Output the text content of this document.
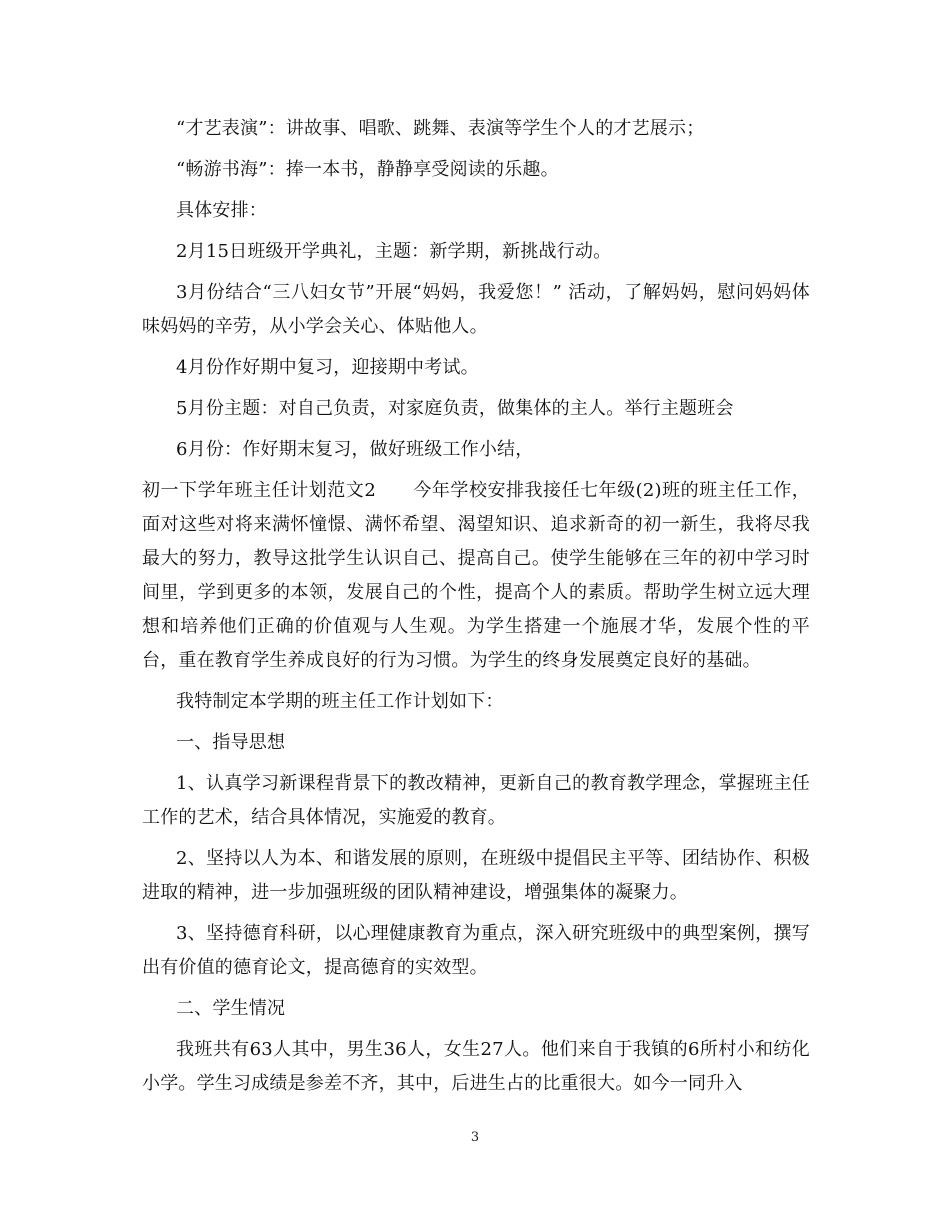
“才艺表演”：讲故事、唱歌、跳舞、表演等学生个人的才艺展示；

“畅游书海”：捧一本书，静静享受阅读的乐趣。

具体安排：

2月15日班级开学典礼，主题：新学期，新挑战行动。

3月份结合“三八妇女节”开展“妈妈，我爱您！” 活动，了解妈妈，慰问妈妈体味妈妈的辛劳，从小学会关心、体贴他人。

4月份作好期中复习，迎接期中考试。

5月份主题：对自己负责，对家庭负责，做集体的主人。举行主题班会

6月份：作好期末复习，做好班级工作小结，

初一下学年班主任计划范文2　　今年学校安排我接任七年级(2)班的班主任工作，面对这些对将来满怀憧憬、满怀希望、渴望知识、追求新奇的初一新生，我将尽我最大的努力，教导这批学生认识自己、提高自己。使学生能够在三年的初中学习时间里，学到更多的本领，发展自己的个性，提高个人的素质。帮助学生树立远大理想和培养他们正确的价值观与人生观。为学生搭建一个施展才华，发展个性的平台，重在教育学生养成良好的行为习惯。为学生的终身发展奠定良好的基础。

我特制定本学期的班主任工作计划如下：

一、指导思想

1、认真学习新课程背景下的教改精神，更新自己的教育教学理念，掌握班主任工作的艺术，结合具体情况，实施爱的教育。

2、坚持以人为本、和谐发展的原则，在班级中提倡民主平等、团结协作、积极进取的精神，进一步加强班级的团队精神建设，增强集体的凝聚力。

3、坚持德育科研，以心理健康教育为重点，深入研究班级中的典型案例，撰写出有价值的德育论文，提高德育的实效型。

二、学生情况

我班共有63人其中，男生36人，女生27人。他们来自于我镇的6所村小和纺化小学。学生习成绩是参差不齐，其中，后进生占的比重很大。如今一同升入

3
